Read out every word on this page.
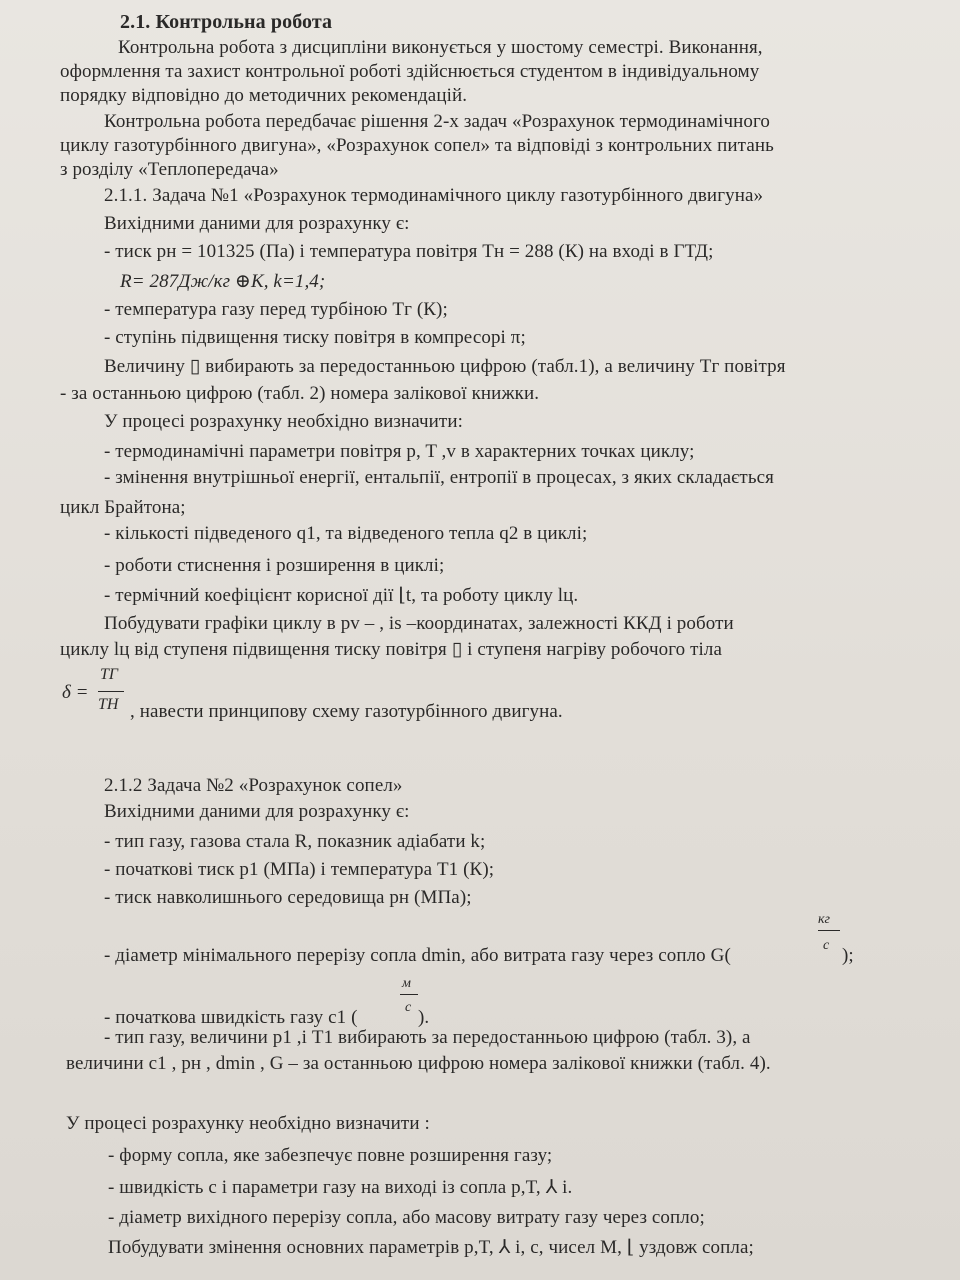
2.1. Контрольна робота
Контрольна робота з дисципліни виконується у шостому семестрі. Виконання,
оформлення та захист контрольної роботі здійснюється студентом в індивідуальному
порядку відповідно до методичних рекомендацій.
Контрольна робота передбачає рішення 2-х задач «Розрахунок термодинамічного
циклу газотурбінного двигуна», «Розрахунок сопел» та відповіді з контрольних питань
з розділу «Теплопередача»
2.1.1. Задача №1 «Розрахунок термодинамічного циклу газотурбінного двигуна»
Вихідними даними для розрахунку є:
- тиск pн = 101325 (Па) і температура повітря Tн = 288 (К) на вході в ГТД;
R= 287Дж/кг ⊕К, k=1,4;
- температура газу перед турбіною Tг (К);
- ступінь підвищення тиску повітря в компресорі π;
Величину ▯ вибирають за передостанньою цифрою (табл.1), а величину Tг повітря
- за останньою цифрою (табл. 2) номера залікової книжки.
У процесі розрахунку необхідно визначити:
- термодинамічні параметри повітря p, T ,v в характерних точках циклу;
- змінення внутрішньої енергії, ентальпії, ентропії в процесах, з яких складається
цикл Брайтона;
- кількості підведеного q1, та відведеного тепла q2 в циклі;
- роботи стиснення і розширення в циклі;
- термічний коефіцієнт корисної дії ⌊t, та роботу циклу lц.
Побудувати графіки циклу в pv – , is –координатах, залежності ККД і роботи
циклу lц від ступеня підвищення тиску повітря ▯ і ступеня нагріву робочого тіла
δ =
TГ
TН , навести принципову схему газотурбінного двигуна.
2.1.2 Задача №2 «Розрахунок сопел»
Вихідними даними для розрахунку є:
- тип газу, газова стала R, показник адіабати k;
- початкові тиск p1 (МПа) і температура T1 (К);
- тиск навколишнього середовища pн (МПа);
кг
- діаметр мінімального перерізу сопла dmin, або витрата газу через сопло G(	с );
м
- початкова швидкість газу c1 (	с ).
- тип газу, величини p1 ,і T1 вибирають за передостанньою цифрою (табл. 3), а
величини c1 , pн , dmin , G – за останньою цифрою номера залікової книжки (табл. 4).
У процесі розрахунку необхідно визначити :
- форму сопла, яке забезпечує повне розширення газу;
- швидкість c і параметри газу на виході із сопла p,T, ⅄ i.
- діаметр вихідного перерізу сопла, або масову витрату газу через сопло;
Побудувати змінення основних параметрів p,T, ⅄ i, c, чисел M, ⌊ уздовж сопла;
